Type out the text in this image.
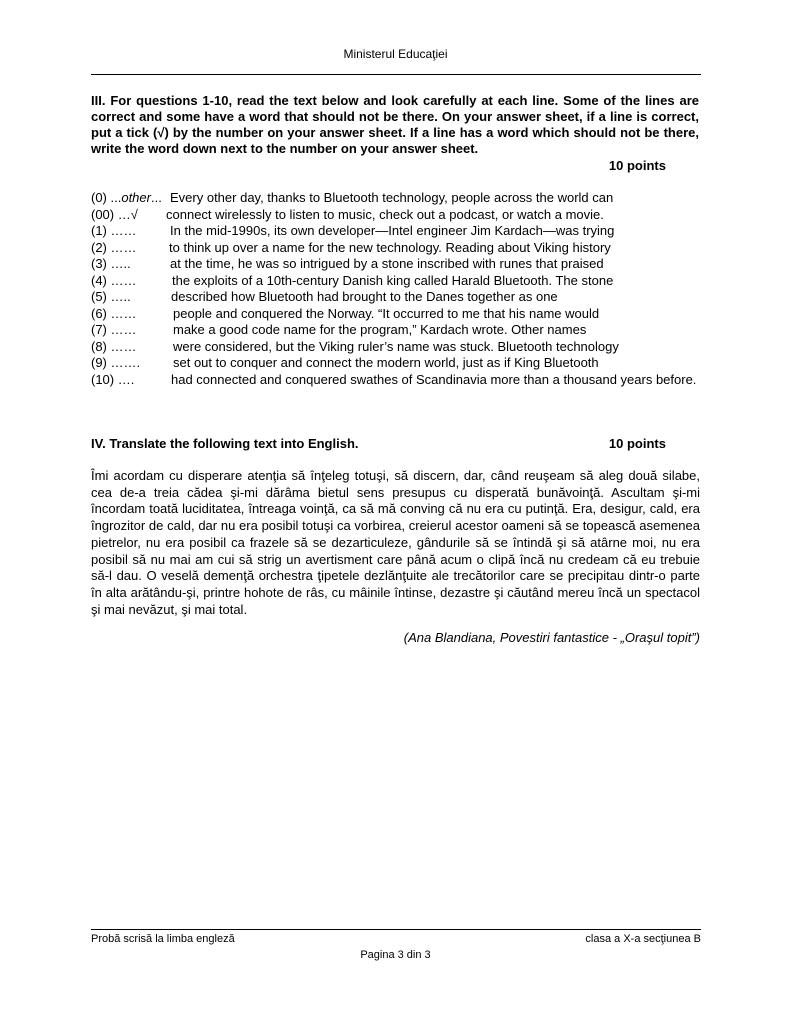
Ministerul Educaţiei
III. For questions 1-10, read the text below and look carefully at each line. Some of the lines are correct and some have a word that should not be there. On your answer sheet, if a line is correct, put a tick (√) by the number on your answer sheet. If a line has a word which should not be there, write the word down next to the number on your answer sheet.
10 points
(0) ...other... Every other day, thanks to Bluetooth technology, people across the world can
(00) …√ connect wirelessly to listen to music, check out a podcast, or watch a movie.
(1) ……	In the mid-1990s, its own developer—Intel engineer Jim Kardach—was trying
(2) ……	to think up over a name for the new technology. Reading about Viking history
(3) …..	at the time, he was so intrigued by a stone inscribed with runes that praised
(4) ……	the exploits of a 10th-century Danish king called Harald Bluetooth. The stone
(5) …..	described how Bluetooth had brought to the Danes together as one
(6) ……	people and conquered the Norway. “It occurred to me that his name would
(7) ……	make a good code name for the program,” Kardach wrote. Other names
(8) ……	were considered, but the Viking ruler’s name was stuck. Bluetooth technology
(9) …….	set out to conquer and connect the modern world, just as if King Bluetooth
(10) ….	had connected and conquered swathes of Scandinavia more than a thousand years before.
IV. Translate the following text into English.	10 points
Îmi acordam cu disperare atenţia să înţeleg totuşi, să discern, dar, când reuşeam să aleg două silabe, cea de-a treia cădea şi-mi dărâma bietul sens presupus cu disperată bunăvoinţă. Ascultam şi-mi încordam toată luciditatea, întreaga voinţă, ca să mă conving că nu era cu putinţă. Era, desigur, cald, era îngrozitor de cald, dar nu era posibil totuşi ca vorbirea, creierul acestor oameni să se topească asemenea pietrelor, nu era posibil ca frazele să se dezarticuleze, gândurile să se întindă şi să atârne moi, nu era posibil să nu mai am cui să strig un avertisment care până acum o clipă încă nu credeam că eu trebuie să-l dau. O veselă demenţă orchestra ţipetele dezlănţuite ale trecătorilor care se precipitau dintr-o parte în alta arătându-şi, printre hohote de râs, cu mâinile întinse, dezastre şi căutând mereu încă un spectacol şi mai nevăzut, şi mai total.
(Ana Blandiana, Povestiri fantastice - „Oraşul topit”)
Probă scrisă la limba engleză	clasa a X-a secţiunea B
Pagina 3 din 3
